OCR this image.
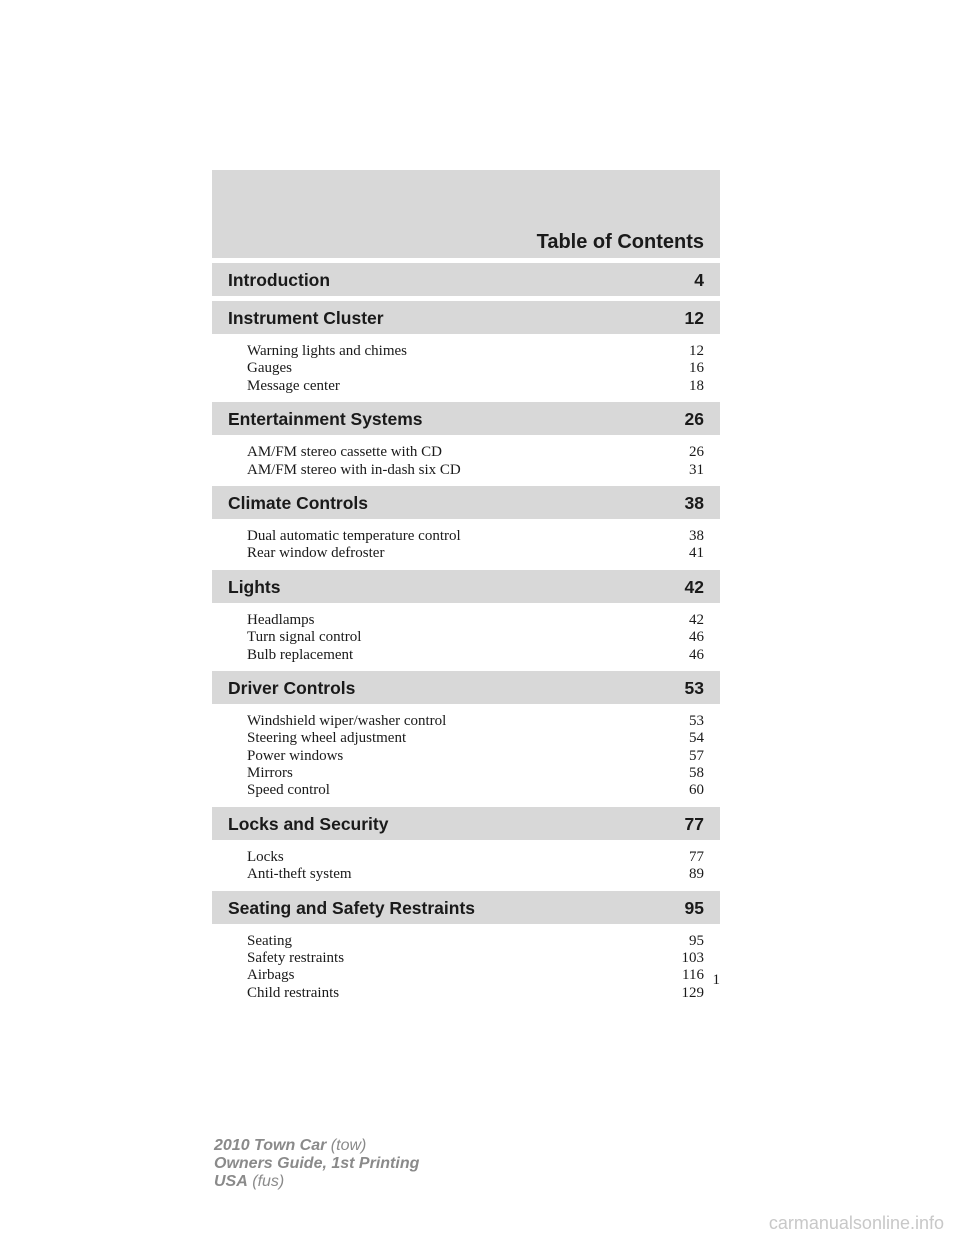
Table of Contents
Introduction	4
Instrument Cluster	12
Warning lights and chimes	12
Gauges	16
Message center	18
Entertainment Systems	26
AM/FM stereo cassette with CD	26
AM/FM stereo with in-dash six CD	31
Climate Controls	38
Dual automatic temperature control	38
Rear window defroster	41
Lights	42
Headlamps	42
Turn signal control	46
Bulb replacement	46
Driver Controls	53
Windshield wiper/washer control	53
Steering wheel adjustment	54
Power windows	57
Mirrors	58
Speed control	60
Locks and Security	77
Locks	77
Anti-theft system	89
Seating and Safety Restraints	95
Seating	95
Safety restraints	103
Airbags	116
Child restraints	129
1
2010 Town Car (tow)
Owners Guide, 1st Printing
USA (fus)
carmanualsonline.info
